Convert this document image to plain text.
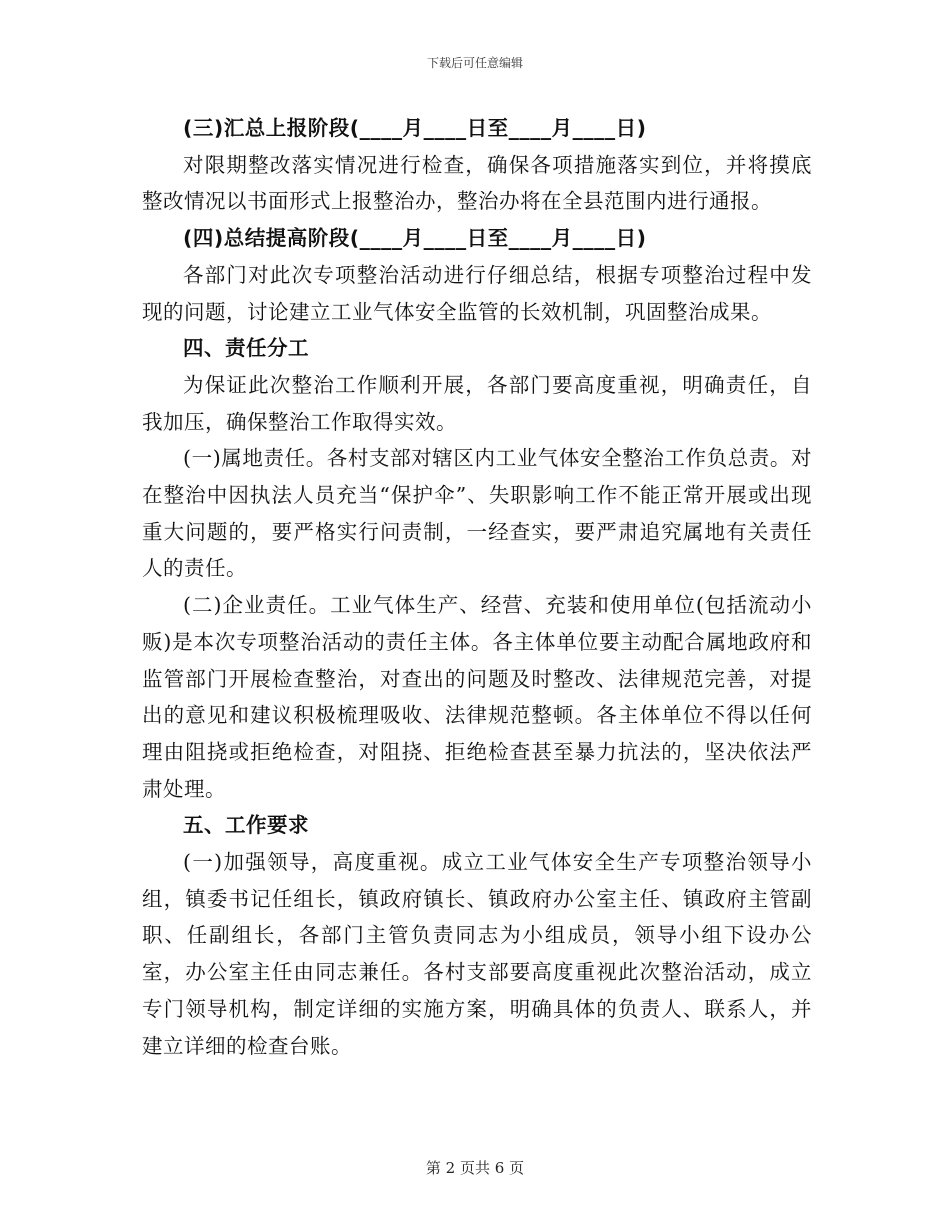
下载后可任意编辑

(三)汇总上报阶段(____月____日至____月____日)

对限期整改落实情况进行检查，确保各项措施落实到位，并将摸底整改情况以书面形式上报整治办，整治办将在全县范围内进行通报。

(四)总结提高阶段(____月____日至____月____日)

各部门对此次专项整治活动进行仔细总结，根据专项整治过程中发现的问题，讨论建立工业气体安全监管的长效机制，巩固整治成果。

四、责任分工

为保证此次整治工作顺利开展，各部门要高度重视，明确责任，自我加压，确保整治工作取得实效。

(一)属地责任。各村支部对辖区内工业气体安全整治工作负总责。对在整治中因执法人员充当“保护伞”、失职影响工作不能正常开展或出现重大问题的，要严格实行问责制，一经查实，要严肃追究属地有关责任人的责任。

(二)企业责任。工业气体生产、经营、充装和使用单位(包括流动小贩)是本次专项整治活动的责任主体。各主体单位要主动配合属地政府和监管部门开展检查整治，对查出的问题及时整改、法律规范完善，对提出的意见和建议积极梳理吸收、法律规范整顿。各主体单位不得以任何理由阻挠或拒绝检查，对阻挠、拒绝检查甚至暴力抗法的，坚决依法严肃处理。

五、工作要求

(一)加强领导，高度重视。成立工业气体安全生产专项整治领导小组，镇委书记任组长，镇政府镇长、镇政府办公室主任、镇政府主管副职、任副组长，各部门主管负责同志为小组成员，领导小组下设办公室，办公室主任由同志兼任。各村支部要高度重视此次整治活动，成立专门领导机构，制定详细的实施方案，明确具体的负责人、联系人，并建立详细的检查台账。

第 2 页共 6 页
